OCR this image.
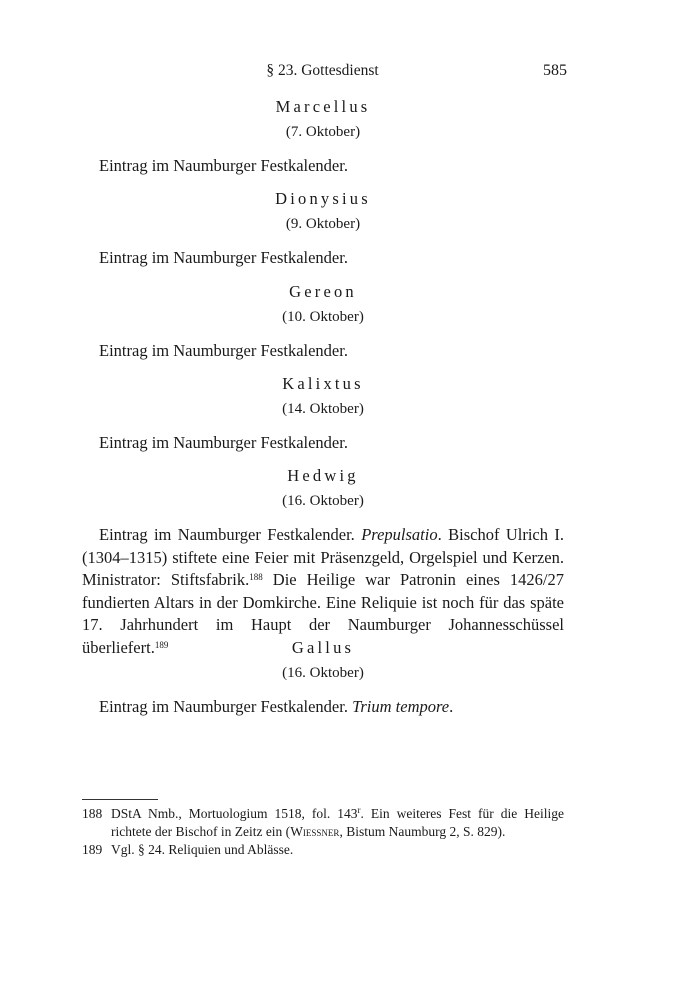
§ 23. Gottesdienst	585
Marcellus
(7. Oktober)
Eintrag im Naumburger Festkalender.
Dionysius
(9. Oktober)
Eintrag im Naumburger Festkalender.
Gereon
(10. Oktober)
Eintrag im Naumburger Festkalender.
Kalixtus
(14. Oktober)
Eintrag im Naumburger Festkalender.
Hedwig
(16. Oktober)
Eintrag im Naumburger Festkalender. Prepulsatio. Bischof Ulrich I. (1304–1315) stiftete eine Feier mit Präsenzgeld, Orgelspiel und Kerzen. Ministrator: Stiftsfabrik.$^{188}$ Die Heilige war Patronin eines 1426/27 fundierten Altars in der Domkirche. Eine Reliquie ist noch für das späte 17. Jahrhundert im Haupt der Naumburger Johannesschüssel überliefert.$^{189}$	Gallus
(16. Oktober)
Eintrag im Naumburger Festkalender. Trium tempore.
188 DStA Nmb., Mortuologium 1518, fol. 143$^r$. Ein weiteres Fest für die Heilige richtete der Bischof in Zeitz ein (Wießner, Bistum Naumburg 2, S. 829).
189 Vgl. § 24. Reliquien und Ablässe.
